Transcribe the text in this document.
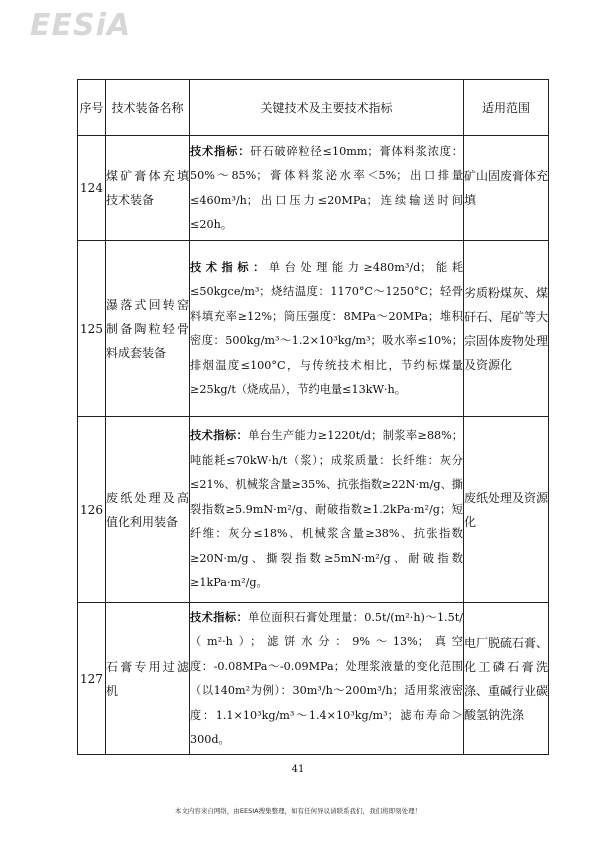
EESiA
序号	技术装备名称	关键技术及主要技术指标	适用范围
124	煤矿膏体充填技术装备	技术指标：矸石破碎粒径≤10mm；膏体料浆浓度：50%～85%；膏体料浆泌水率＜5%；出口排量≤460m³/h；出口压力≤20MPa；连续输送时间≤20h。	矿山固废膏体充填
125	瀑落式回转窑制备陶粒轻骨料成套装备	技术指标：单台处理能力≥480m³/d；能耗≤50kgce/m³；烧结温度：1170°C～1250°C；轻骨料填充率≥12%；筒压强度：8MPa～20MPa；堆积密度：500kg/m³～1.2×10³kg/m³；吸水率≤10%；排烟温度≤100°C，与传统技术相比，节约标煤量≥25kg/t（烧成品），节约电量≤13kW·h。	劣质粉煤灰、煤矸石、尾矿等大宗固体废物处理及资源化
126	废纸处理及高值化利用装备	技术指标：单台生产能力≥1220t/d；制浆率≥88%；吨能耗≤70kW·h/t（浆）；成浆质量：长纤维：灰分≤21%、机械浆含量≥35%、抗张指数≥22N·m/g、撕裂指数≥5.9mN·m²/g、耐破指数≥1.2kPa·m²/g；短纤维：灰分≤18%、机械浆含量≥38%、抗张指数≥20N·m/g、撕裂指数≥5mN·m²/g、耐破指数≥1kPa·m²/g。	废纸处理及资源化
127	石膏专用过滤机	技术指标：单位面积石膏处理量：0.5t/(m²·h)～1.5t/（m²·h）；滤饼水分：9%～13%；真空度：-0.08MPa～-0.09MPa；处理浆液量的变化范围（以140m²为例）：30m³/h～200m³/h；适用浆液密度：1.1×10³kg/m³～1.4×10³kg/m³；滤布寿命＞300d。	电厂脱硫石膏、化工磷石膏洗涤、重碱行业碳酸氢钠洗涤
41
本文内容来自网络，由EESIA搜集整理，如有任何异议请联系我们，我们将即刻处理！
